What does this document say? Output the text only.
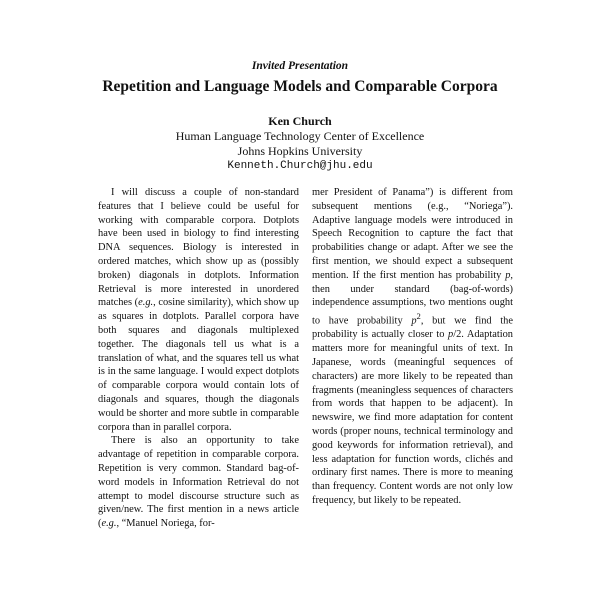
Invited Presentation
Repetition and Language Models and Comparable Corpora
Ken Church
Human Language Technology Center of Excellence
Johns Hopkins University
Kenneth.Church@jhu.edu

I will discuss a couple of non-standard features that I believe could be useful for working with comparable corpora. Dotplots have been used in biology to find interesting DNA sequences. Biology is interested in ordered matches, which show up as (possibly broken) diagonals in dotplots. Information Retrieval is more interested in unordered matches (e.g., cosine similarity), which show up as squares in dotplots. Parallel corpora have both squares and diagonals multiplexed together. The diagonals tell us what is a translation of what, and the squares tell us what is in the same language. I would expect dotplots of comparable corpora would contain lots of diagonals and squares, though the diagonals would be shorter and more subtle in comparable corpora than in parallel corpora.

There is also an opportunity to take advantage of repetition in comparable corpora. Repetition is very common. Standard bag-of-word models in Information Retrieval do not attempt to model discourse structure such as given/new. The first mention in a news article (e.g., “Manuel Noriega, for-

mer President of Panama”) is different from subsequent mentions (e.g., “Noriega”). Adaptive language models were introduced in Speech Recognition to capture the fact that probabilities change or adapt. After we see the first mention, we should expect a subsequent mention. If the first mention has probability p, then under standard (bag-of-words) independence assumptions, two mentions ought to have probability $p^2$, but we find the probability is actually closer to p/2. Adaptation matters more for meaningful units of text. In Japanese, words (meaningful sequences of characters) are more likely to be repeated than fragments (meaningless sequences of characters from words that happen to be adjacent). In newswire, we find more adaptation for content words (proper nouns, technical terminology and good keywords for information retrieval), and less adaptation for function words, clichés and ordinary first names. There is more to meaning than frequency. Content words are not only low frequency, but likely to be repeated.
